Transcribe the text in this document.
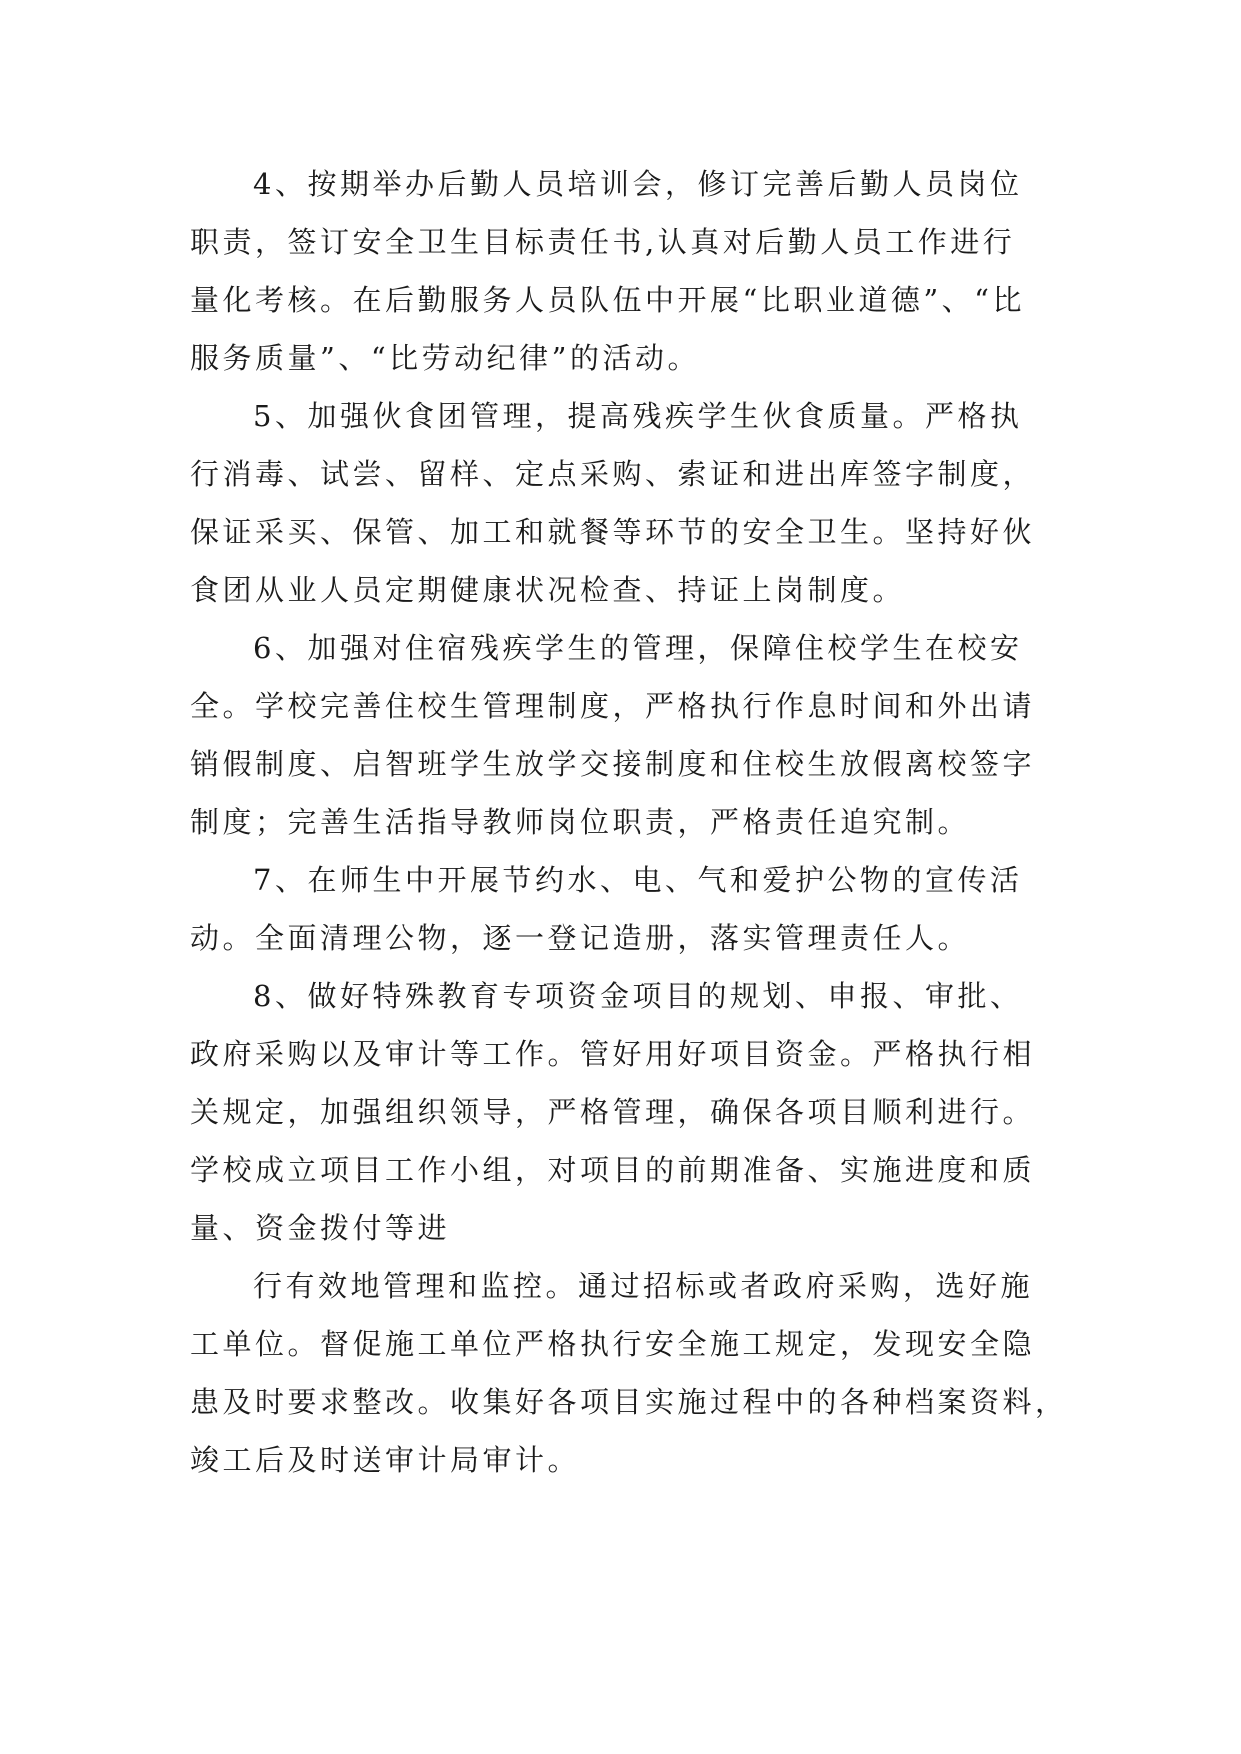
4、按期举办后勤人员培训会，修订完善后勤人员岗位
职责，签订安全卫生目标责任书,认真对后勤人员工作进行
量化考核。在后勤服务人员队伍中开展“比职业道德”、“比
服务质量”、“比劳动纪律”的活动。
5、加强伙食团管理，提高残疾学生伙食质量。严格执
行消毒、试尝、留样、定点采购、索证和进出库签字制度，
保证采买、保管、加工和就餐等环节的安全卫生。坚持好伙
食团从业人员定期健康状况检查、持证上岗制度。
6、加强对住宿残疾学生的管理，保障住校学生在校安
全。学校完善住校生管理制度，严格执行作息时间和外出请
销假制度、启智班学生放学交接制度和住校生放假离校签字
制度；完善生活指导教师岗位职责，严格责任追究制。
7、在师生中开展节约水、电、气和爱护公物的宣传活
动。全面清理公物，逐一登记造册，落实管理责任人。
8、做好特殊教育专项资金项目的规划、申报、审批、
政府采购以及审计等工作。管好用好项目资金。严格执行相
关规定，加强组织领导，严格管理，确保各项目顺利进行。
学校成立项目工作小组，对项目的前期准备、实施进度和质
量、资金拨付等进
行有效地管理和监控。通过招标或者政府采购，选好施
工单位。督促施工单位严格执行安全施工规定，发现安全隐
患及时要求整改。收集好各项目实施过程中的各种档案资料，
竣工后及时送审计局审计。
